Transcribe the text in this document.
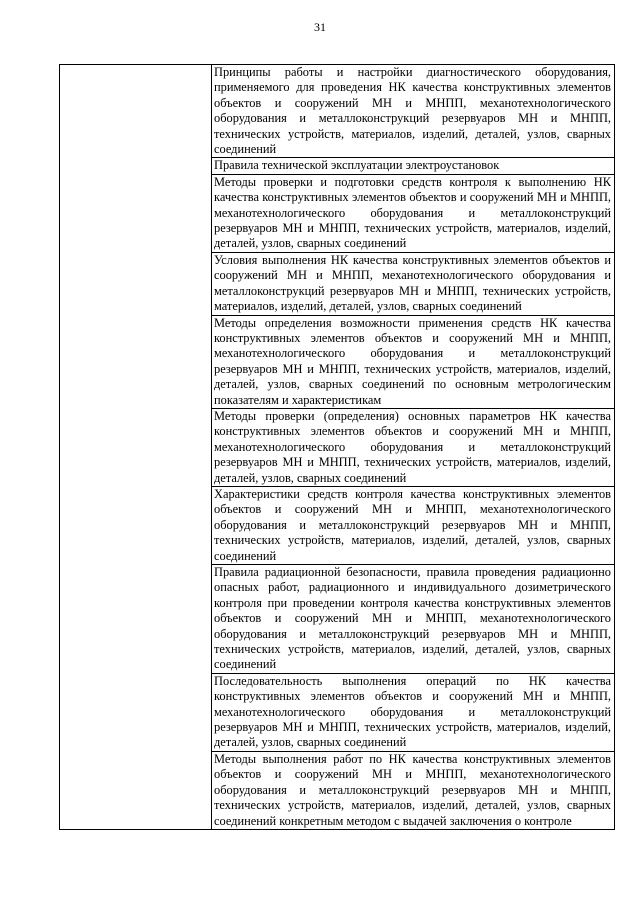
31

Принципы работы и настройки диагностического оборудования, применяемого для проведения НК качества конструктивных элементов объектов и сооружений МН и МНПП, механотехнологического оборудования и металлоконструкций резервуаров МН и МНПП, технических устройств, материалов, изделий, деталей, узлов, сварных соединений
Правила технической эксплуатации электроустановок
Методы проверки и подготовки средств контроля к выполнению НК качества конструктивных элементов объектов и сооружений МН и МНПП, механотехнологического оборудования и металлоконструкций резервуаров МН и МНПП, технических устройств, материалов, изделий, деталей, узлов, сварных соединений
Условия выполнения НК качества конструктивных элементов объектов и сооружений МН и МНПП, механотехнологического оборудования и металлоконструкций резервуаров МН и МНПП, технических устройств, материалов, изделий, деталей, узлов, сварных соединений
Методы определения возможности применения средств НК качества конструктивных элементов объектов и сооружений МН и МНПП, механотехнологического оборудования и металлоконструкций резервуаров МН и МНПП, технических устройств, материалов, изделий, деталей, узлов, сварных соединений по основным метрологическим показателям и характеристикам
Методы проверки (определения) основных параметров НК качества конструктивных элементов объектов и сооружений МН и МНПП, механотехнологического оборудования и металлоконструкций резервуаров МН и МНПП, технических устройств, материалов, изделий, деталей, узлов, сварных соединений
Характеристики средств контроля качества конструктивных элементов объектов и сооружений МН и МНПП, механотехнологического оборудования и металлоконструкций резервуаров МН и МНПП, технических устройств, материалов, изделий, деталей, узлов, сварных соединений
Правила радиационной безопасности, правила проведения радиационно опасных работ, радиационного и индивидуального дозиметрического контроля при проведении контроля качества конструктивных элементов объектов и сооружений МН и МНПП, механотехнологического оборудования и металлоконструкций резервуаров МН и МНПП, технических устройств, материалов, изделий, деталей, узлов, сварных соединений
Последовательность выполнения операций по НК качества конструктивных элементов объектов и сооружений МН и МНПП, механотехнологического оборудования и металлоконструкций резервуаров МН и МНПП, технических устройств, материалов, изделий, деталей, узлов, сварных соединений
Методы выполнения работ по НК качества конструктивных элементов объектов и сооружений МН и МНПП, механотехнологического оборудования и металлоконструкций резервуаров МН и МНПП, технических устройств, материалов, изделий, деталей, узлов, сварных соединений конкретным методом с выдачей заключения о контроле
